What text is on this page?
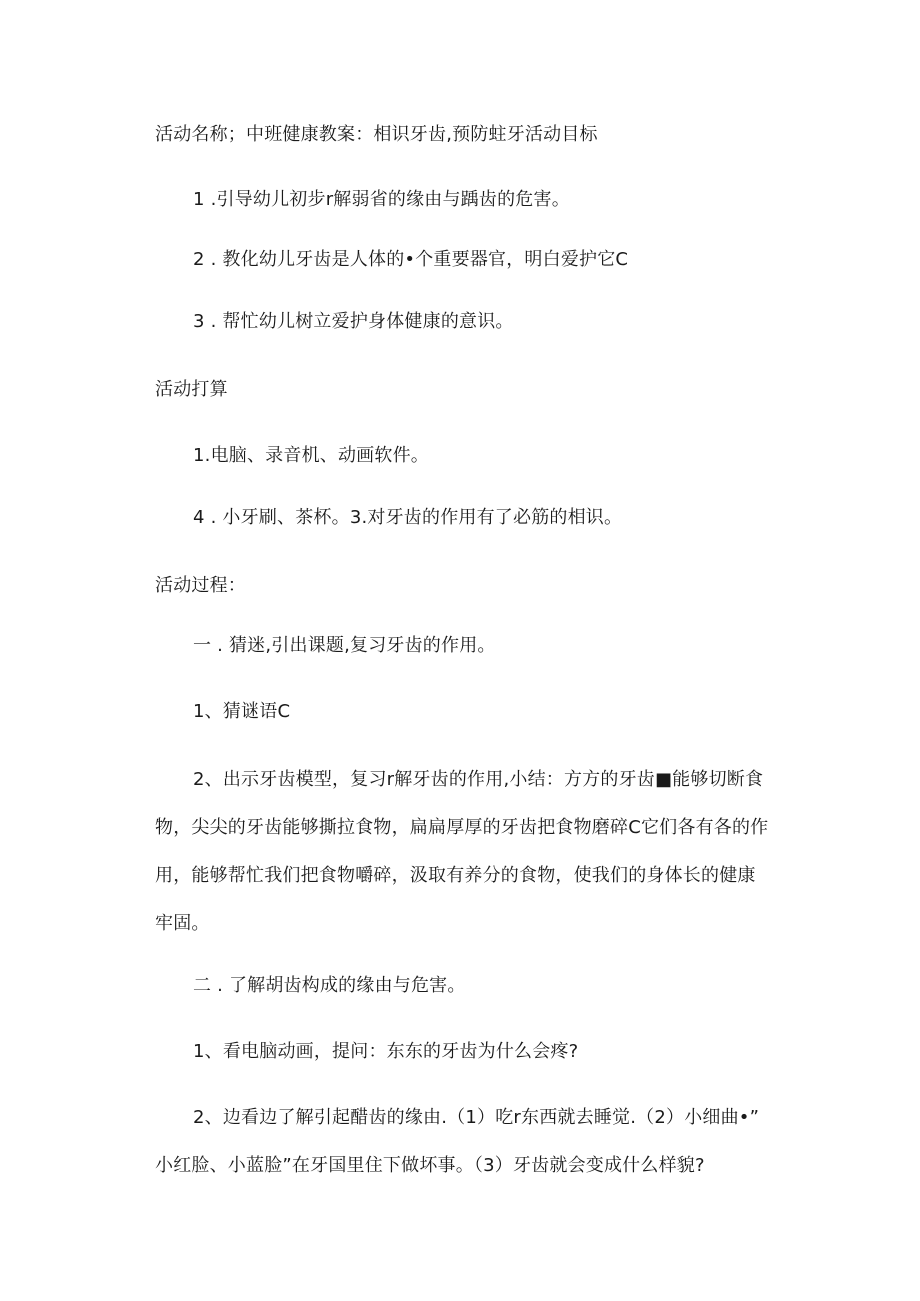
活动名称；中班健康教案：相识牙齿,预防蛀牙活动目标
1 .引导幼儿初步r解弱省的缘由与踽齿的危害。
2 . 教化幼儿牙齿是人体的•个重要器官，明白爱护它C
3 . 帮忙幼儿树立爱护身体健康的意识。
活动打算
1.电脑、录音机、动画软件。
4 . 小牙刷、茶杯。3.对牙齿的作用有了必筋的相识。
活动过程：
一 . 猜迷,引出课题,复习牙齿的作用。
1、猜谜语C
2、出示牙齿模型，复习r解牙齿的作用,小结：方方的牙齿■能够切断食
物，尖尖的牙齿能够撕拉食物，扁扁厚厚的牙齿把食物磨碎C它们各有各的作
用，能够帮忙我们把食物嚼碎，汲取有养分的食物，使我们的身体长的健康
牢固。
二 . 了解胡齿构成的缘由与危害。
1、看电脑动画，提问：东东的牙齿为什么会疼?
2、边看边了解引起醋齿的缘由.（1）吃r东西就去睡觉.（2）小细曲•”
小红脸、小蓝脸”在牙国里住下做坏事。（3）牙齿就会变成什么样貌?
